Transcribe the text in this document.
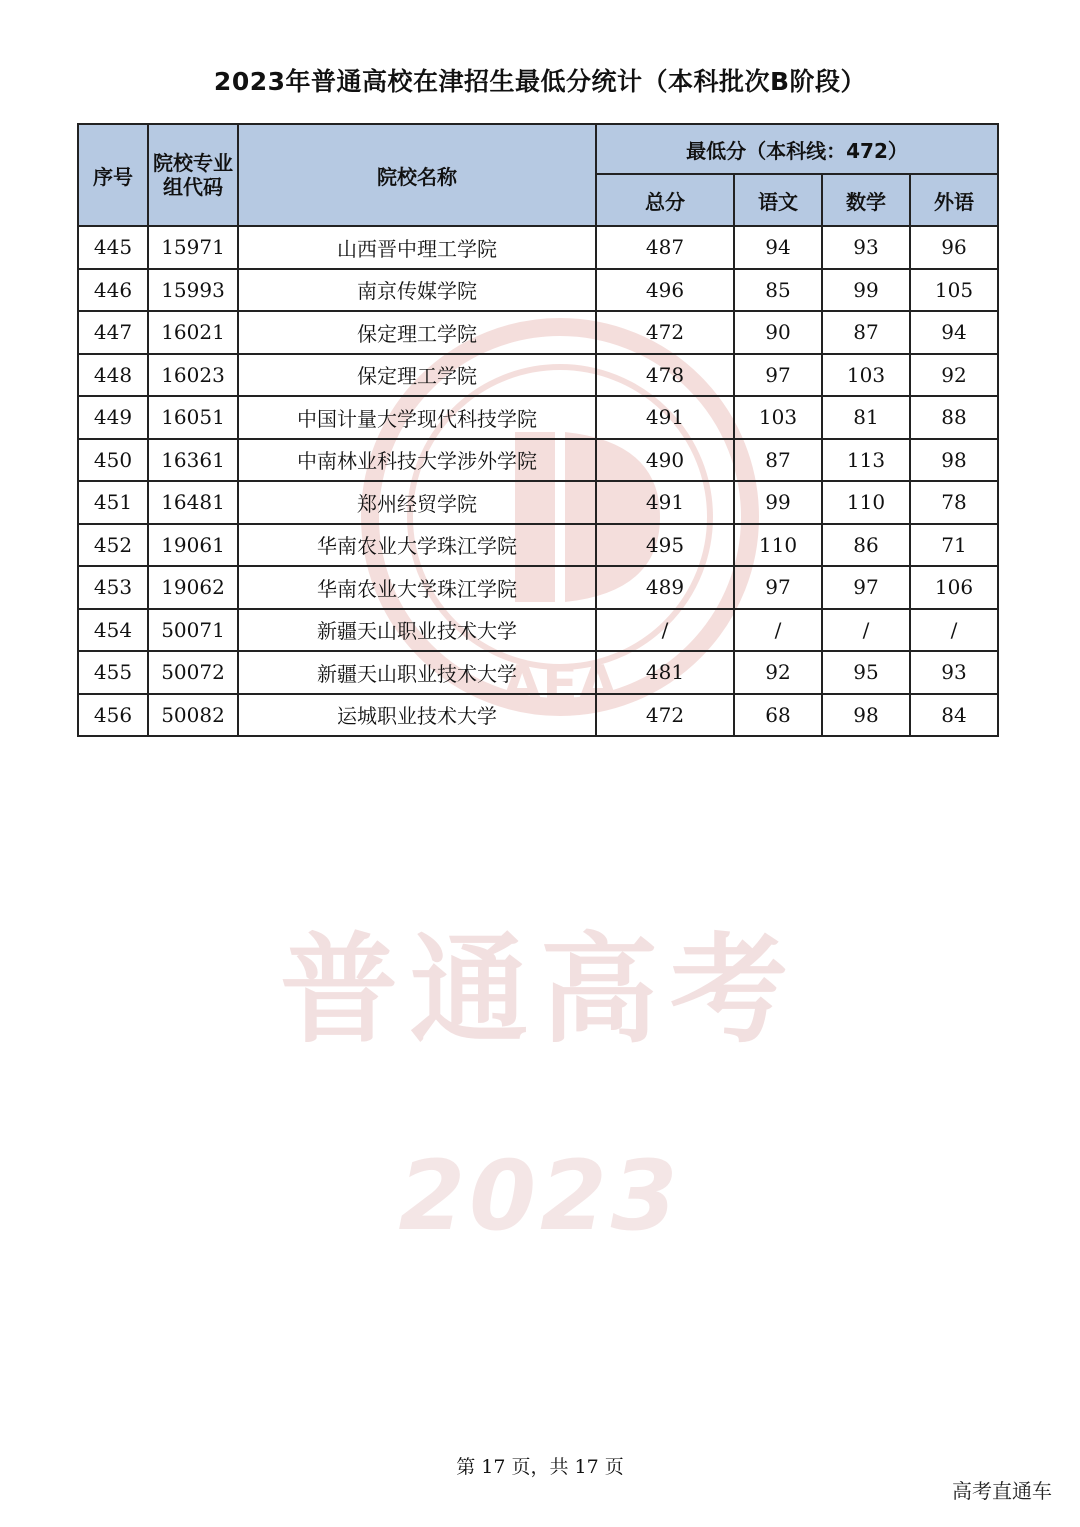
2023年普通高校在津招生最低分统计（本科批次B阶段）
AEA
普通高考
2023
序号	院校专业组代码	院校名称	最低分（本科线：472）			
			总分	语文	数学	外语
445	15971	山西晋中理工学院	487	94	93	96
446	15993	南京传媒学院	496	85	99	105
447	16021	保定理工学院	472	90	87	94
448	16023	保定理工学院	478	97	103	92
449	16051	中国计量大学现代科技学院	491	103	81	88
450	16361	中南林业科技大学涉外学院	490	87	113	98
451	16481	郑州经贸学院	491	99	110	78
452	19061	华南农业大学珠江学院	495	110	86	71
453	19062	华南农业大学珠江学院	489	97	97	106
454	50071	新疆天山职业技术大学	/	/	/	/
455	50072	新疆天山职业技术大学	481	92	95	93
456	50082	运城职业技术大学	472	68	98	84
第 17 页，共 17 页
高考直通车
